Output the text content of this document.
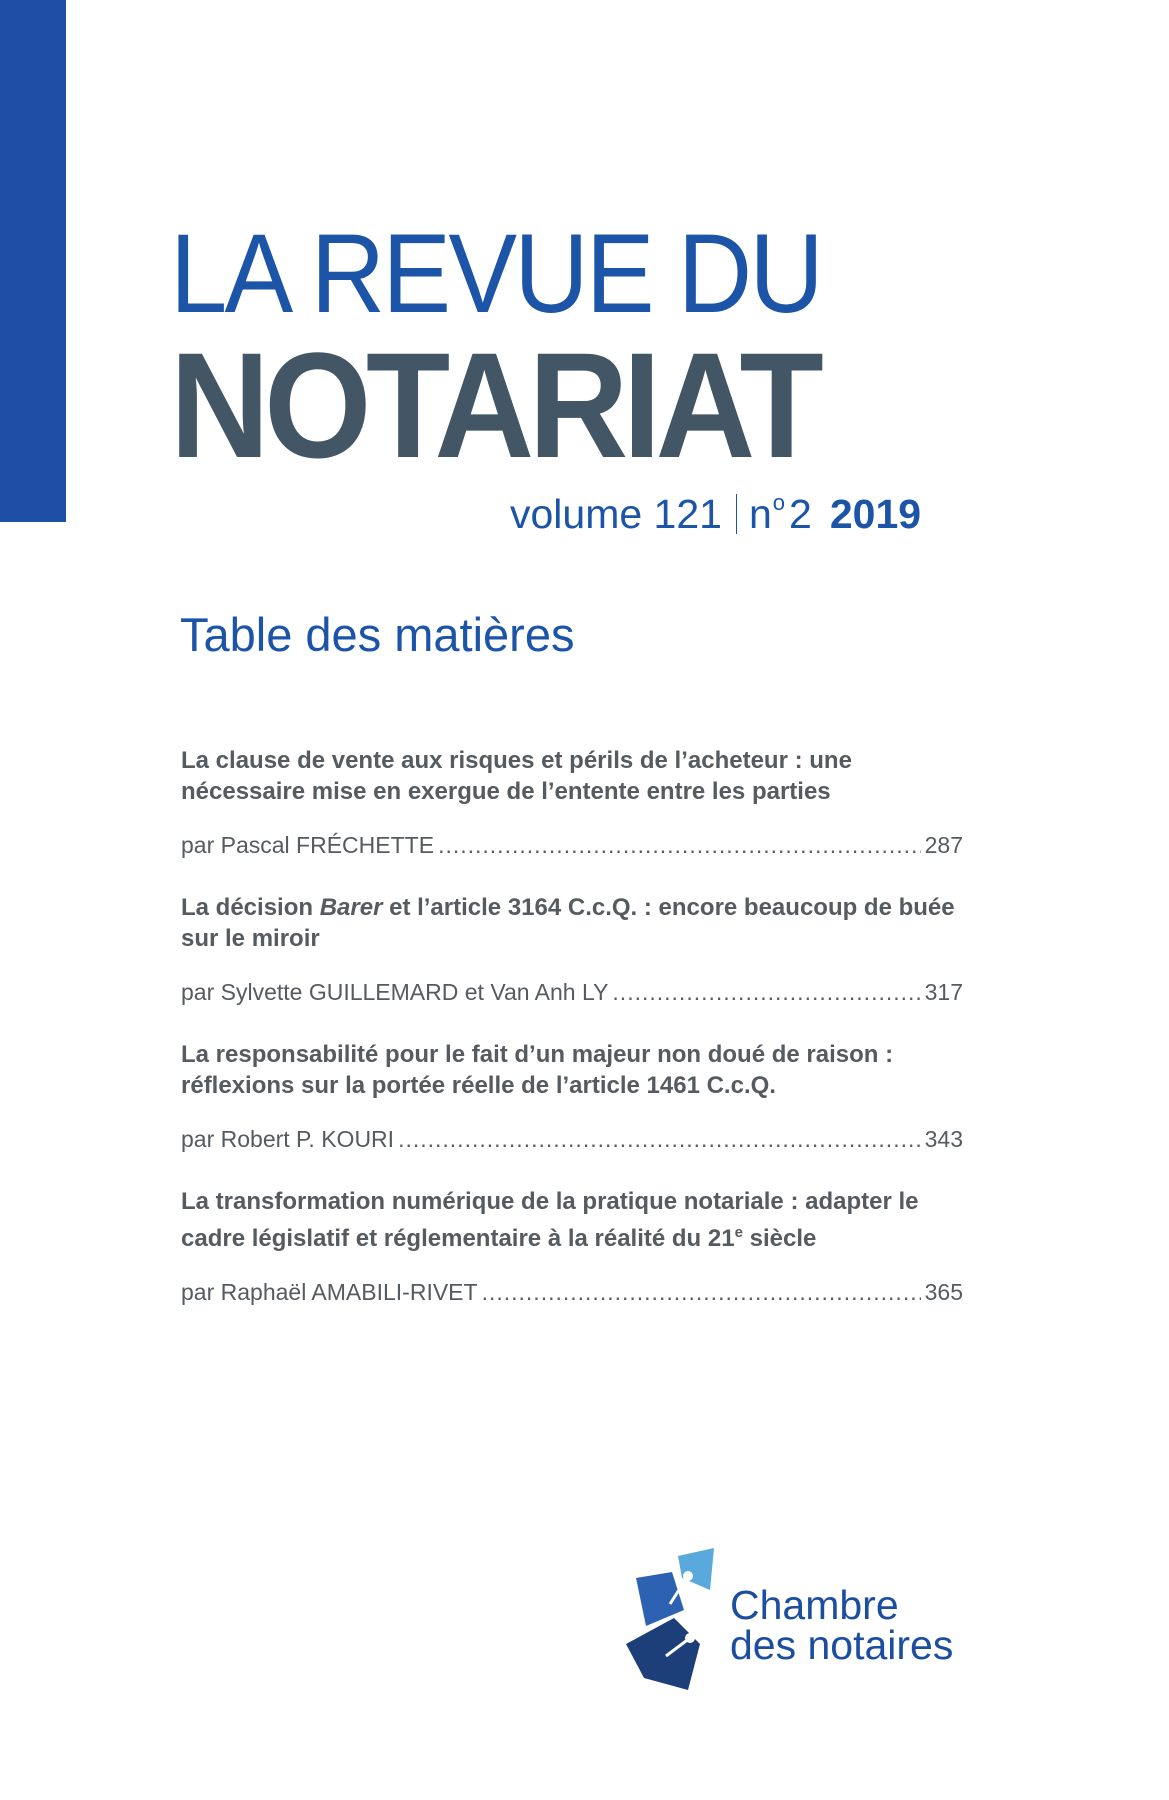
LA REVUE DU
NOTARIAT
volume 121 $n^o2$ 2019
Table des matières

La clause de vente aux risques et périls de l’acheteur : une nécessaire mise en exergue de l’entente entre les parties

par Pascal FRÉCHETTE .....	287

La décision Barer et l’article 3164 C.c.Q. : encore beaucoup de buée sur le miroir

par Sylvette GUILLEMARD et Van Anh LY .....	317

La responsabilité pour le fait d’un majeur non doué de raison : réflexions sur la portée réelle de l’article 1461 C.c.Q.

par Robert P. KOURI .....	343

La transformation numérique de la pratique notariale : adapter le cadre législatif et réglementaire à la réalité du 21e siècle

par Raphaël AMABILI-RIVET .....	365
Chambre
des notaires
